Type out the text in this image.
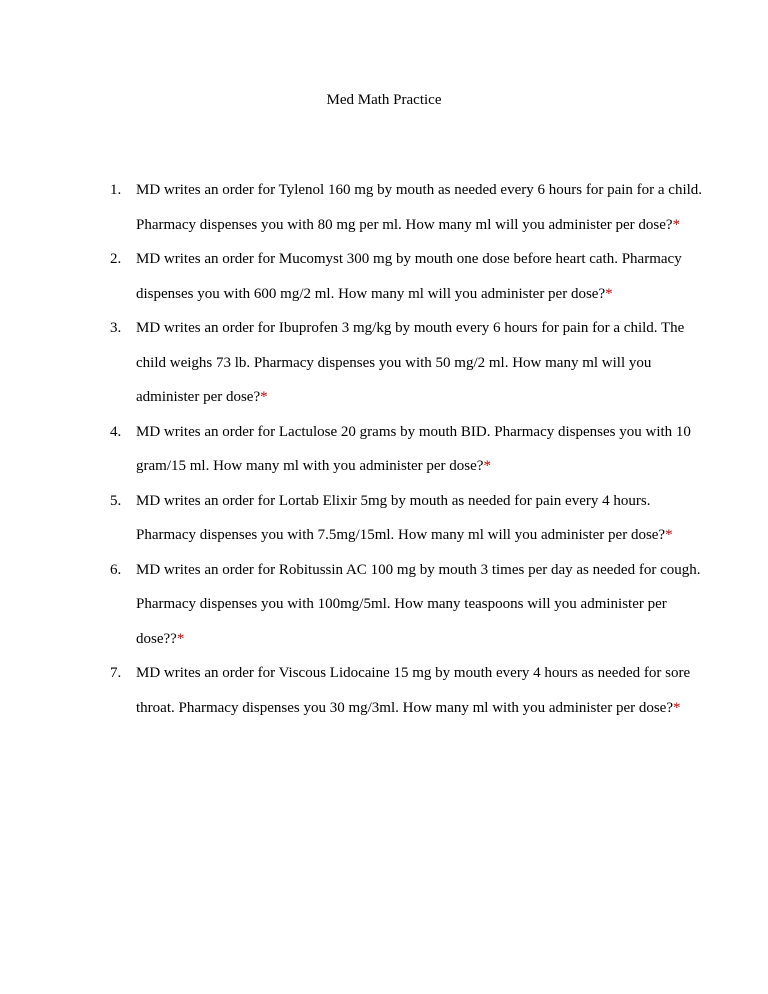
Med Math Practice
1. MD writes an order for Tylenol 160 mg by mouth as needed every 6 hours for pain for a child. Pharmacy dispenses you with 80 mg per ml. How many ml will you administer per dose?*
2. MD writes an order for Mucomyst 300 mg by mouth one dose before heart cath. Pharmacy dispenses you with 600 mg/2 ml. How many ml will you administer per dose?*
3. MD writes an order for Ibuprofen 3 mg/kg by mouth every 6 hours for pain for a child. The child weighs 73 lb. Pharmacy dispenses you with 50 mg/2 ml. How many ml will you administer per dose?*
4. MD writes an order for Lactulose 20 grams by mouth BID. Pharmacy dispenses you with 10 gram/15 ml. How many ml with you administer per dose?*
5. MD writes an order for Lortab Elixir 5mg by mouth as needed for pain every 4 hours. Pharmacy dispenses you with 7.5mg/15ml. How many ml will you administer per dose?*
6. MD writes an order for Robitussin AC 100 mg by mouth 3 times per day as needed for cough. Pharmacy dispenses you with 100mg/5ml. How many teaspoons will you administer per dose??*
7. MD writes an order for Viscous Lidocaine 15 mg by mouth every 4 hours as needed for sore throat. Pharmacy dispenses you 30 mg/3ml. How many ml with you administer per dose?*
